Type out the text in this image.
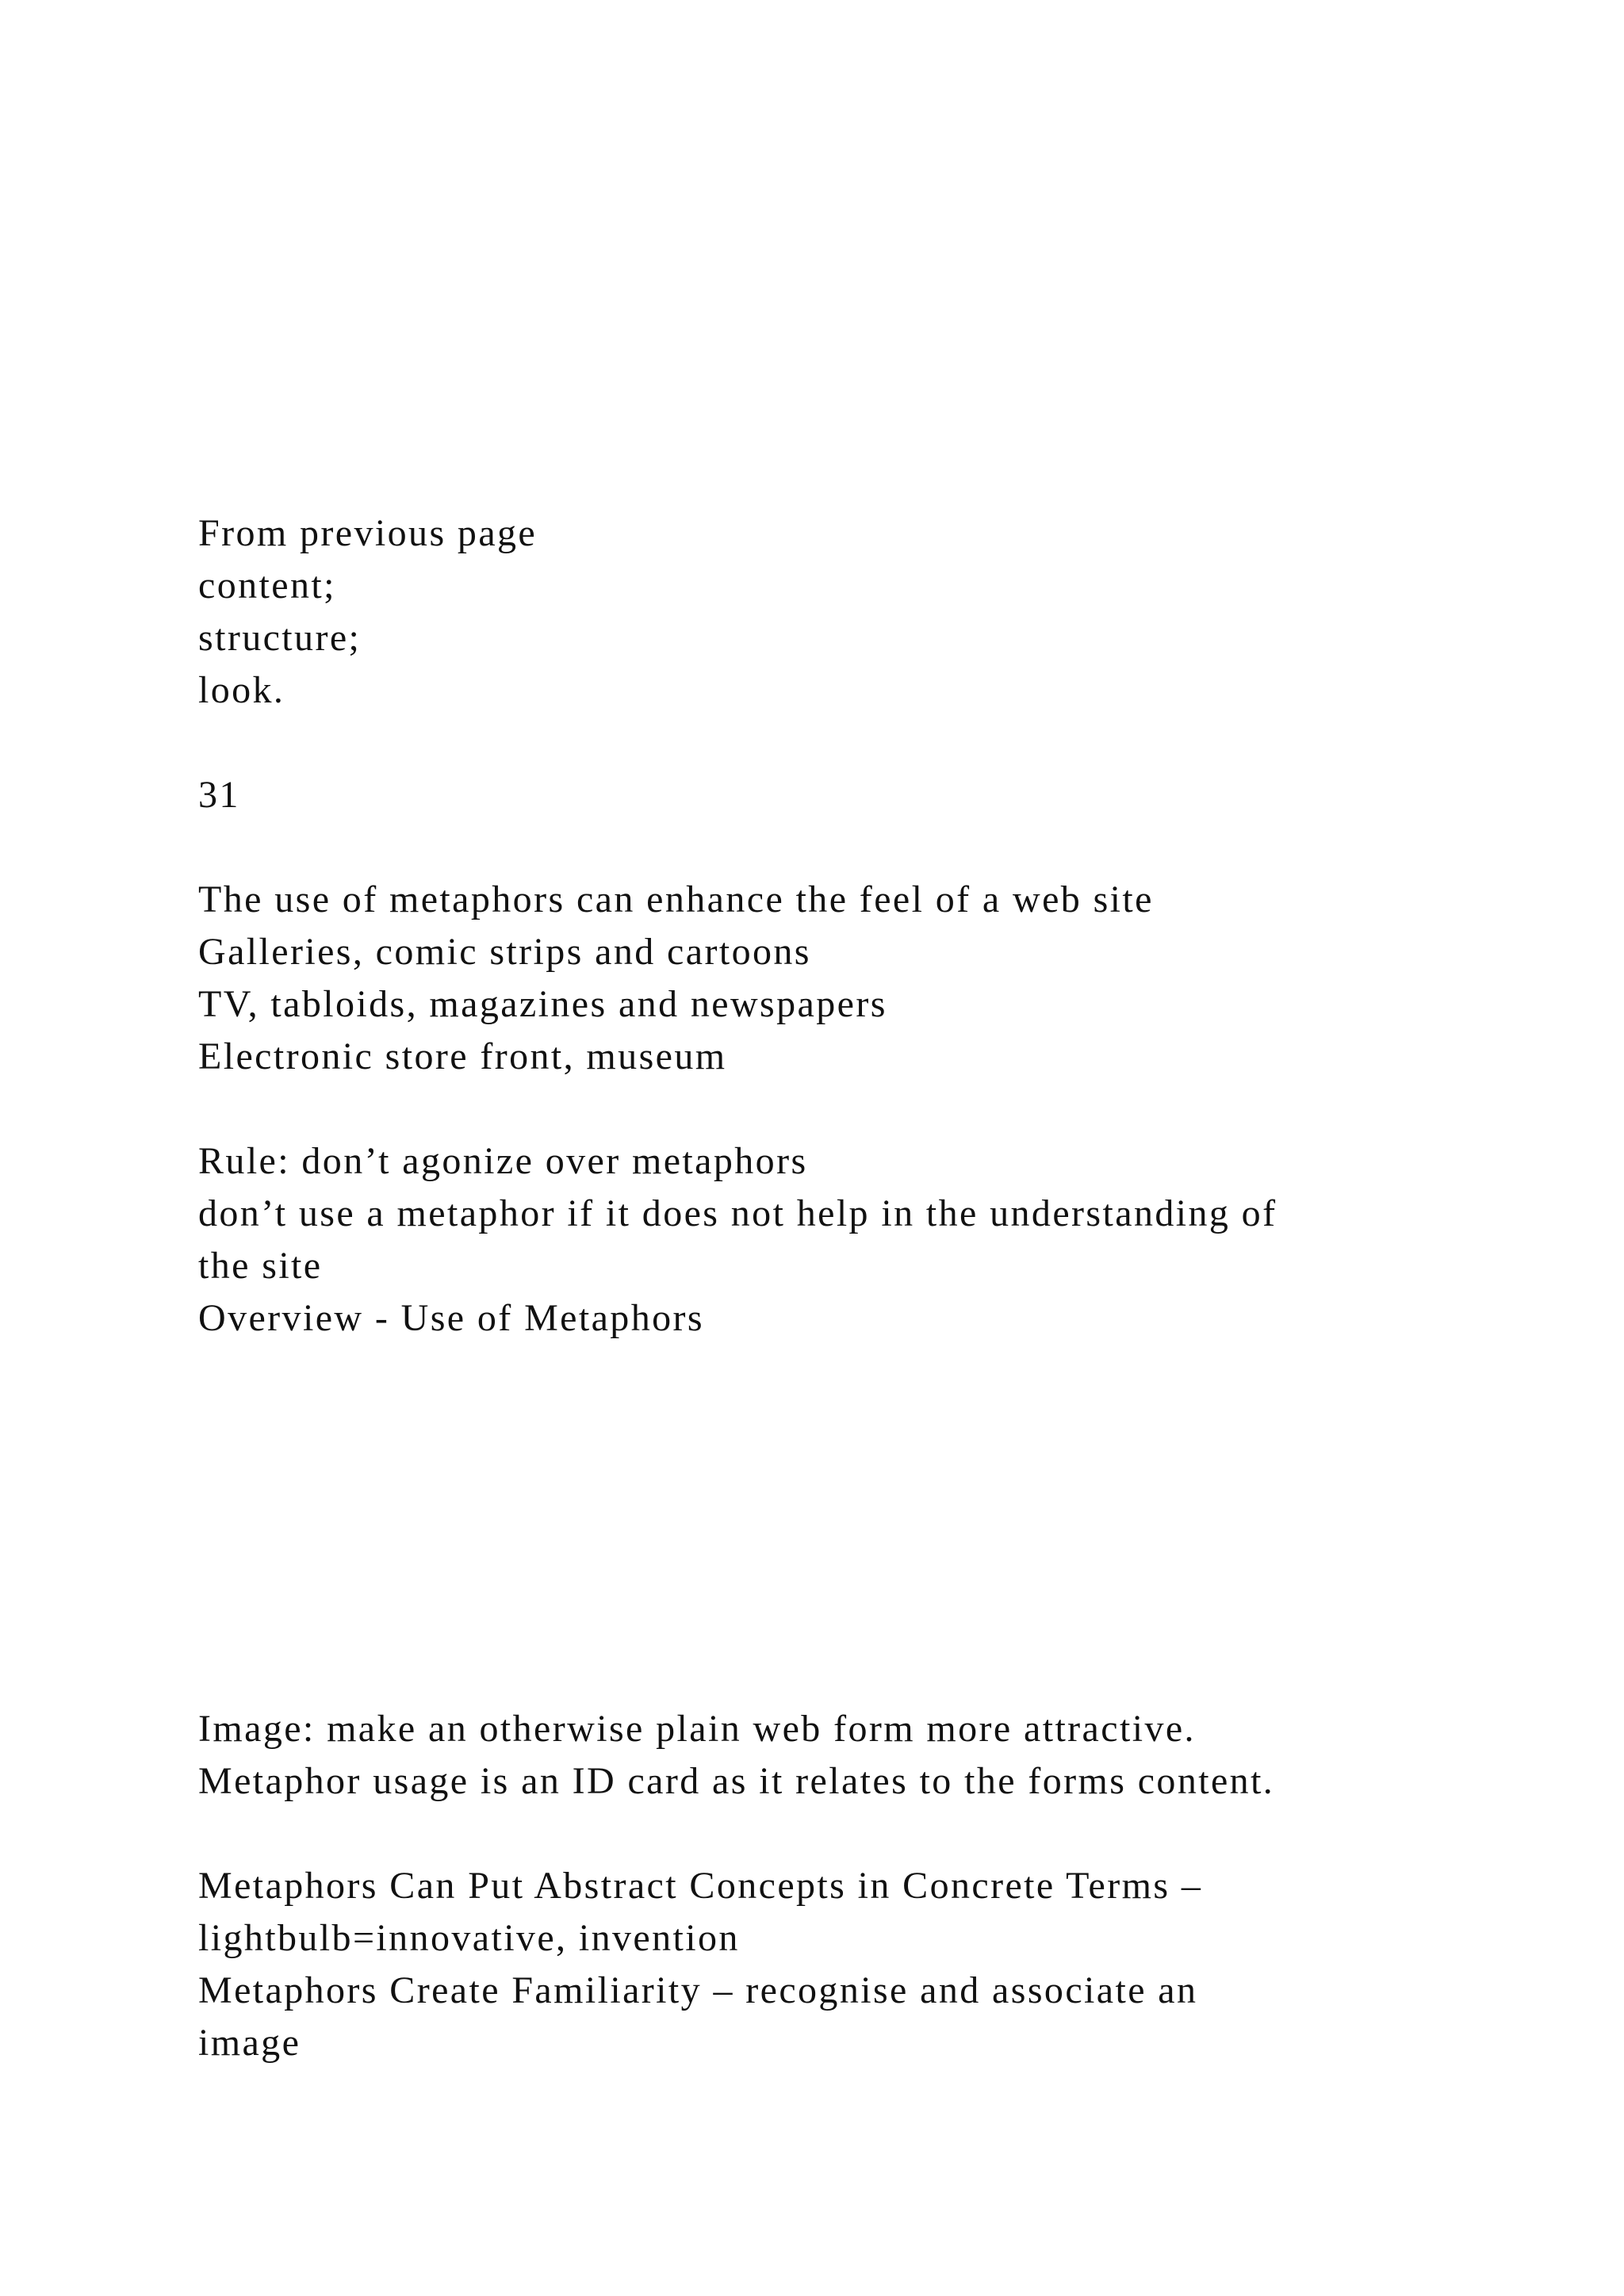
From previous page
content;
structure;
look.
31
The use of metaphors can enhance the feel of a web site
Galleries, comic strips and cartoons
TV, tabloids, magazines and newspapers
Electronic store front, museum
Rule: don’t agonize over metaphors
don’t use a metaphor if it does not help in the understanding of
the site
Overview - Use of Metaphors
Image: make an otherwise plain web form more attractive.
Metaphor usage is an ID card as it relates to the forms content.
Metaphors Can Put Abstract Concepts in Concrete Terms –
lightbulb=innovative, invention
Metaphors Create Familiarity – recognise and associate an
image
